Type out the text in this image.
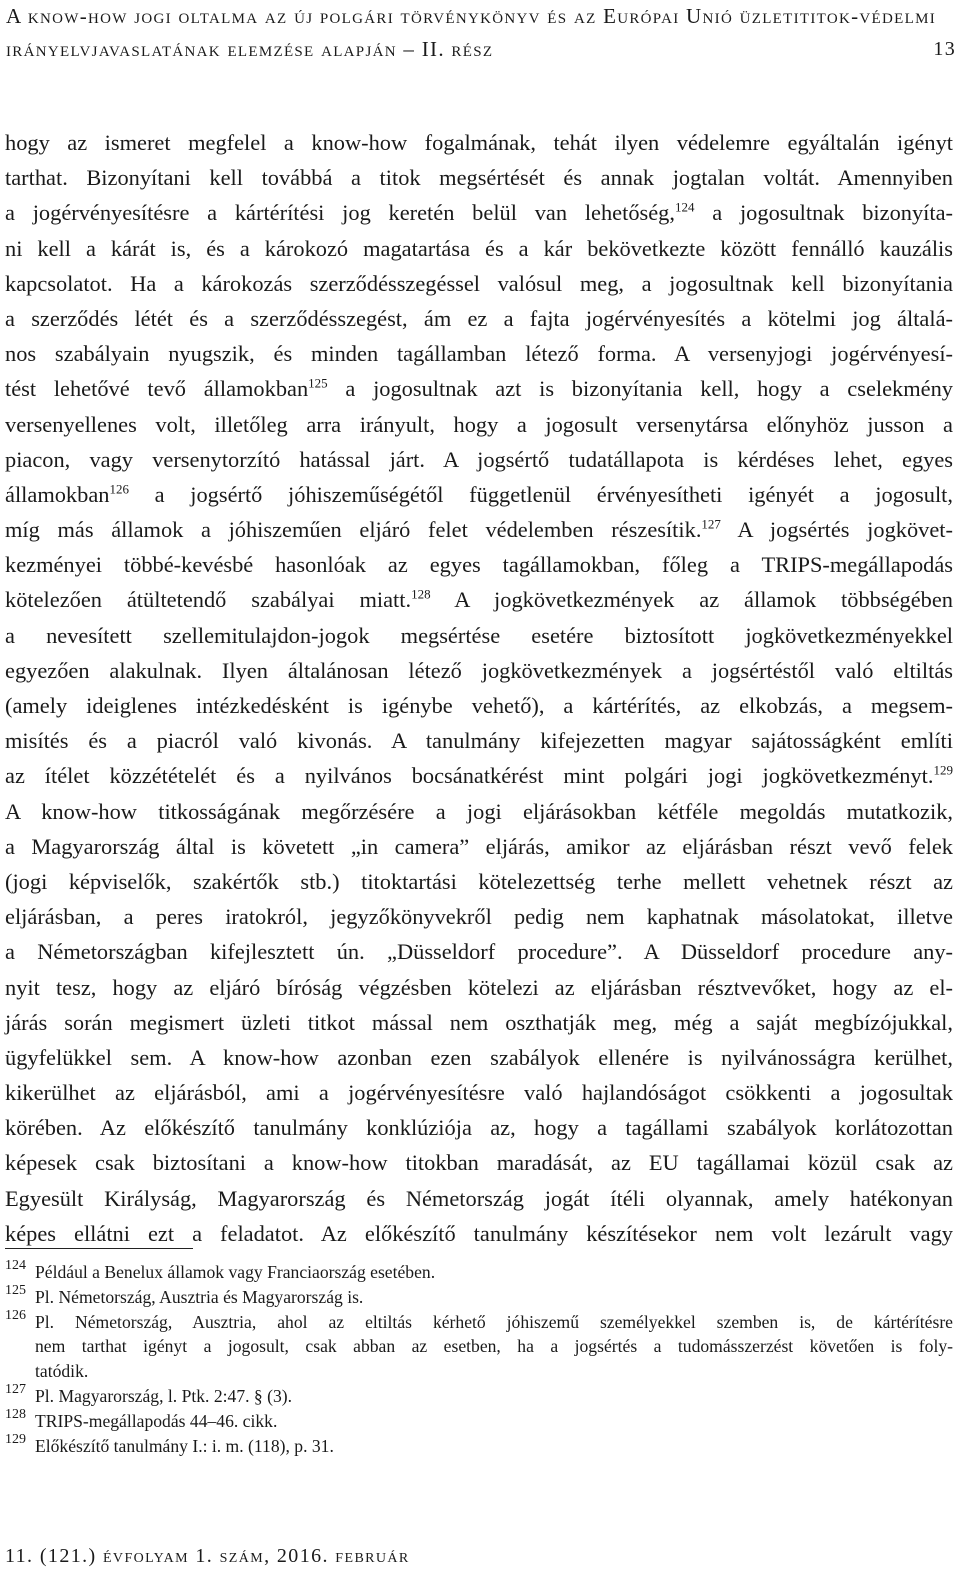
A know-how jogi oltalma az új polgári törvénykönyv és az Európai Unió üzletititok-védelmi
irányelvjavaslatának elemzése alapján – II. rész	13
hogy az ismeret megfelel a know-how fogalmának, tehát ilyen védelemre egyáltalán igényt
tarthat. Bizonyítani kell továbbá a titok megsértését és annak jogtalan voltát. Amennyiben
a jogérvényesítésre a kártérítési jog keretén belül van lehetőség,$^{124}$ a jogosultnak bizonyíta-
ni kell a kárát is, és a károkozó magatartása és a kár bekövetkezte között fennálló kauzális
kapcsolatot. Ha a károkozás szerződésszegéssel valósul meg, a jogosultnak kell bizonyítania
a szerződés létét és a szerződésszegést, ám ez a fajta jogérvényesítés a kötelmi jog általá-
nos szabályain nyugszik, és minden tagállamban létező forma. A versenyjogi jogérvényesí-
tést lehetővé tevő államokban$^{125}$ a jogosultnak azt is bizonyítania kell, hogy a cselekmény
versenyellenes volt, illetőleg arra irányult, hogy a jogosult versenytársa előnyhöz jusson a
piacon, vagy versenytorzító hatással járt. A jogsértő tudatállapota is kérdéses lehet, egyes
államokban$^{126}$ a jogsértő jóhiszeműségétől függetlenül érvényesítheti igényét a jogosult,
míg más államok a jóhiszeműen eljáró felet védelemben részesítik.$^{127}$ A jogsértés jogkövet-
kezményei többé-kevésbé hasonlóak az egyes tagállamokban, főleg a TRIPS-megállapodás
kötelezően átültetendő szabályai miatt.$^{128}$ A jogkövetkezmények az államok többségében
a nevesített szellemitulajdon-jogok megsértése esetére biztosított jogkövetkezményekkel
egyezően alakulnak. Ilyen általánosan létező jogkövetkezmények a jogsértéstől való eltiltás
(amely ideiglenes intézkedésként is igénybe vehető), a kártérítés, az elkobzás, a megsem-
misítés és a piacról való kivonás. A tanulmány kifejezetten magyar sajátosságként említi
az ítélet közzétételét és a nyilvános bocsánatkérést mint polgári jogi jogkövetkezményt.$^{129}$
A know-how titkosságának megőrzésére a jogi eljárásokban kétféle megoldás mutatkozik,
a Magyarország által is követett „in camera” eljárás, amikor az eljárásban részt vevő felek
(jogi képviselők, szakértők stb.) titoktartási kötelezettség terhe mellett vehetnek részt az
eljárásban, a peres iratokról, jegyzőkönyvekről pedig nem kaphatnak másolatokat, illetve
a Németországban kifejlesztett ún. „Düsseldorf procedure”. A Düsseldorf procedure any-
nyit tesz, hogy az eljáró bíróság végzésben kötelezi az eljárásban résztvevőket, hogy az el-
járás során megismert üzleti titkot mással nem oszthatják meg, még a saját megbízójukkal,
ügyfelükkel sem. A know-how azonban ezen szabályok ellenére is nyilvánosságra kerülhet,
kikerülhet az eljárásból, ami a jogérvényesítésre való hajlandóságot csökkenti a jogosultak
körében. Az előkészítő tanulmány konklúziója az, hogy a tagállami szabályok korlátozottan
képesek csak biztosítani a know-how titokban maradását, az EU tagállamai közül csak az
Egyesült Királyság, Magyarország és Németország jogát ítéli olyannak, amely hatékonyan
képes ellátni ezt a feladatot. Az előkészítő tanulmány készítésekor nem volt lezárult vagy
124 Például a Benelux államok vagy Franciaország esetében.
125 Pl. Németország, Ausztria és Magyarország is.
126 Pl. Németország, Ausztria, ahol az eltiltás kérhető jóhiszemű személyekkel szemben is, de kártérítésre
nem tarthat igényt a jogosult, csak abban az esetben, ha a jogsértés a tudomásszerzést követően is foly-
tatódik.
127 Pl. Magyarország, l. Ptk. 2:47. § (3).
128 TRIPS-megállapodás 44–46. cikk.
129 Előkészítő tanulmány I.: i. m. (118), p. 31.
11. (121.) évfolyam 1. szám, 2016. február
